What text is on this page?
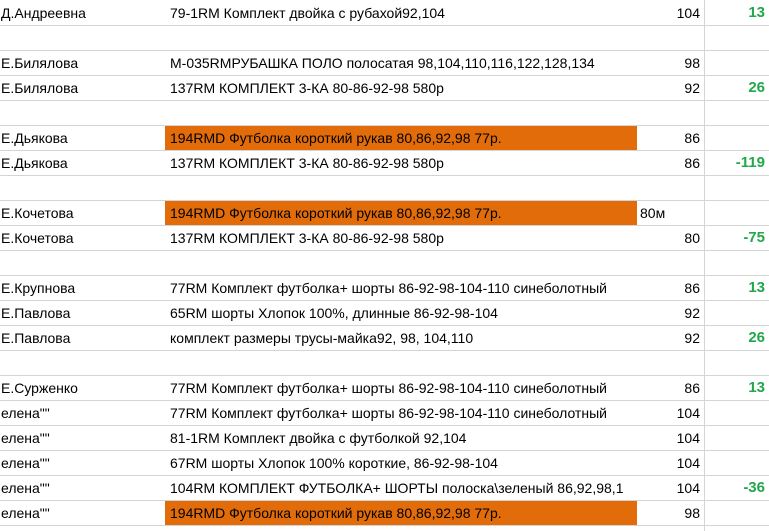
Д.Андреевна	79-1RM Комплект двойка с рубахой92,104	104	13
Е.Билялова	M-035RMРУБАШКА ПОЛО полосатая 98,104,110,116,122,128,134	98
Е.Билялова	137RM КОМПЛЕКТ 3-КА 80-86-92-98 580р	92	26
Е.Дьякова	194RMD Футболка короткий рукав 80,86,92,98 77р.	86
Е.Дьякова	137RM КОМПЛЕКТ 3-КА 80-86-92-98 580р	86	-119
Е.Кочетова	194RMD Футболка короткий рукав 80,86,92,98 77р.	80м
Е.Кочетова	137RM КОМПЛЕКТ 3-КА 80-86-92-98 580р	80	-75
Е.Крупнова	77RM Комплект футболка+ шорты 86-92-98-104-110 синеболотный	86	13
Е.Павлова	65RM шорты Хлопок 100%, длинные 86-92-98-104	92
Е.Павлова	комплект размеры трусы-майка92, 98, 104,110	92	26
Е.Сурженко	77RM Комплект футболка+ шорты 86-92-98-104-110 синеболотный	86	13
елена""	77RM Комплект футболка+ шорты 86-92-98-104-110 синеболотный	104
елена""	81-1RM Комплект двойка с футболкой 92,104	104
елена""	67RM шорты Хлопок 100% короткие, 86-92-98-104	104
елена""	104RM КОМПЛЕКТ ФУТБОЛКА+ ШОРТЫ полоска\зеленый 86,92,98,1	104	-36
елена""	194RMD Футболка короткий рукав 80,86,92,98 77р.	98
